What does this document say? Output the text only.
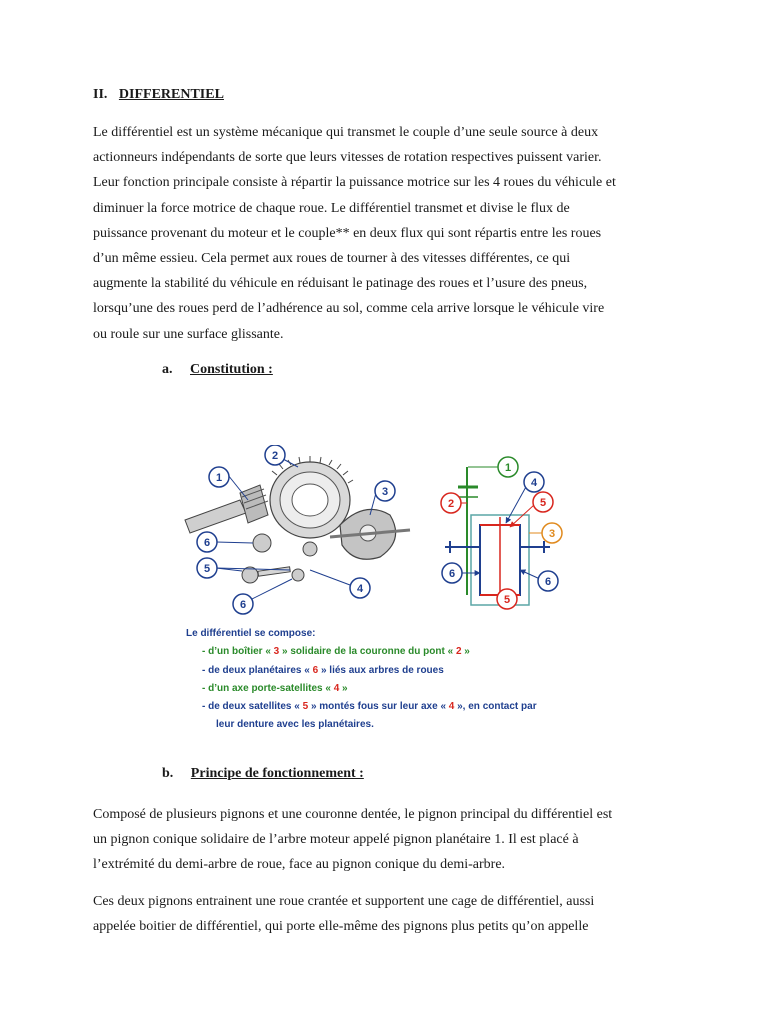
II. DIFFERENTIEL
Le différentiel est un système mécanique qui transmet le couple d’une seule source à deux
actionneurs indépendants de sorte que leurs vitesses de rotation respectives puissent varier.
Leur fonction principale consiste à répartir la puissance motrice sur les 4 roues du véhicule et
diminuer la force motrice de chaque roue. Le différentiel transmet et divise le flux de
puissance provenant du moteur et le couple** en deux flux qui sont répartis entre les roues
d’un même essieu. Cela permet aux roues de tourner à des vitesses différentes, ce qui
augmente la stabilité du véhicule en réduisant le patinage des roues et l’usure des pneus,
lorsqu’une des roues perd de l’adhérence au sol, comme cela arrive lorsque le véhicule vire
ou roule sur une surface glissante.
a. Constitution :
1
2
3
4
5
6
6
1
2
3
4
5
5
6
6
Le différentiel se compose:
- d’un boîtier « 3 » solidaire de la couronne du pont « 2 »
- de deux planétaires « 6 » liés aux arbres de roues
- d’un axe porte-satellites « 4 »
- de deux satellites « 5 » montés fous sur leur axe « 4 », en contact par
leur denture avec les planétaires.
b. Principe de fonctionnement :
Composé de plusieurs pignons et une couronne dentée, le pignon principal du différentiel est
un pignon conique solidaire de l’arbre moteur appelé pignon planétaire 1. Il est placé à
l’extrémité du demi-arbre de roue, face au pignon conique du demi-arbre.
Ces deux pignons entrainent une roue crantée et supportent une cage de différentiel, aussi
appelée boitier de différentiel, qui porte elle-même des pignons plus petits qu’on appelle
